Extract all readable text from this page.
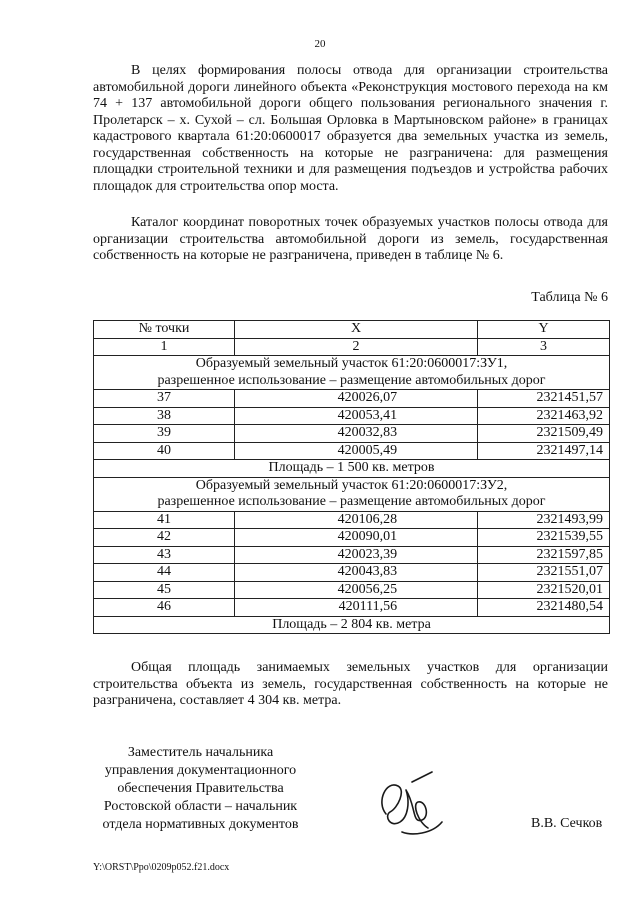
20
В целях формирования полосы отвода для организации строительства автомобильной дороги линейного объекта «Реконструкция мостового перехода на км 74 + 137 автомобильной дороги общего пользования регионального значения г. Пролетарск – х. Сухой – сл. Большая Орловка в Мартыновском районе» в границах кадастрового квартала 61:20:0600017 образуется два земельных участка из земель, государственная собственность на которые не разграничена: для размещения площадки строительной техники и для размещения подъездов и устройства рабочих площадок для строительства опор моста.
Каталог координат поворотных точек образуемых участков полосы отвода для организации строительства автомобильной дороги из земель, государственная собственность на которые не разграничена, приведен в таблице № 6.
Таблица № 6
№ точки	X	Y
1	2	3

Образуемый земельный участок 61:20:0600017:ЗУ1,
разрешенное использование – размещение автомобильных дорог		

37	420026,07	2321451,57
38	420053,41	2321463,92
39	420032,83	2321509,49
40	420005,49	2321497,14
Площадь – 1 500 кв. метров		

Образуемый земельный участок 61:20:0600017:ЗУ2,
разрешенное использование – размещение автомобильных дорог		

41	420106,28	2321493,99
42	420090,01	2321539,55
43	420023,39	2321597,85
44	420043,83	2321551,07
45	420056,25	2321520,01
46	420111,56	2321480,54
Площадь – 2 804 кв. метра		
Общая площадь занимаемых земельных участков для организации строительства объекта из земель, государственная собственность на которые не разграничена, составляет 4 304 кв. метра.
Заместитель начальника
управления документационного
обеспечения Правительства
Ростовской области – начальник
отдела нормативных документов	В.В. Сечков
Y:\ORST\Ppo\0209p052.f21.docx
